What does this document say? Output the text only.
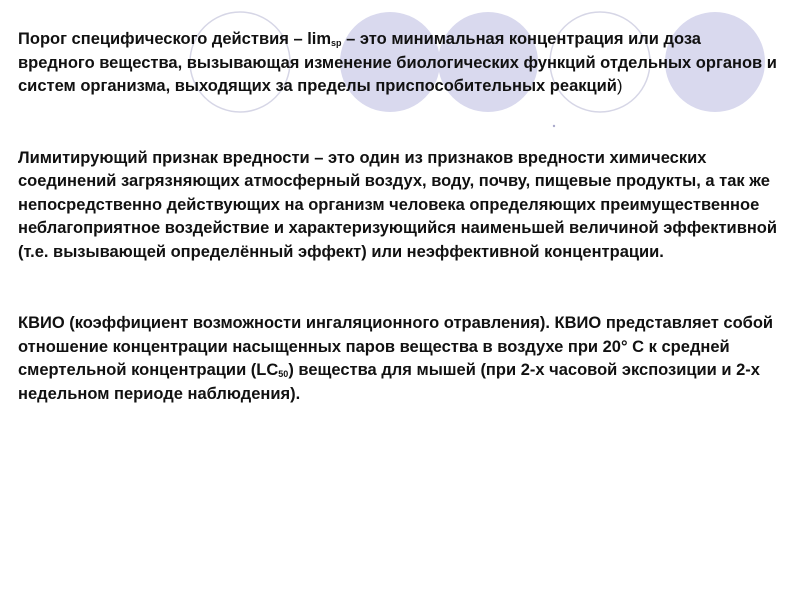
Порог специфического действия – $\lim_{sp}$ – это минимальная концентрация или доза вредного вещества, вызывающая изменение биологических функций отдельных органов и систем организма, выходящих за пределы приспособительных реакций)

Лимитирующий признак вредности – это один из признаков вредности химических соединений загрязняющих атмосферный воздух, воду, почву, пищевые продукты, а так же непосредственно действующих на организм человека определяющих преимущественное неблагоприятное воздействие и характеризующийся наименьшей величиной эффективной (т.е. вызывающей определённый эффект) или неэффективной концентрации.

КВИО (коэффициент возможности ингаляционного отравления). КВИО представляет собой отношение концентрации насыщенных паров вещества в воздухе при 20° С к средней смертельной концентрации $(LC_{50})$ вещества для мышей (при 2-х часовой экспозиции и 2-х недельном периоде наблюдения).
